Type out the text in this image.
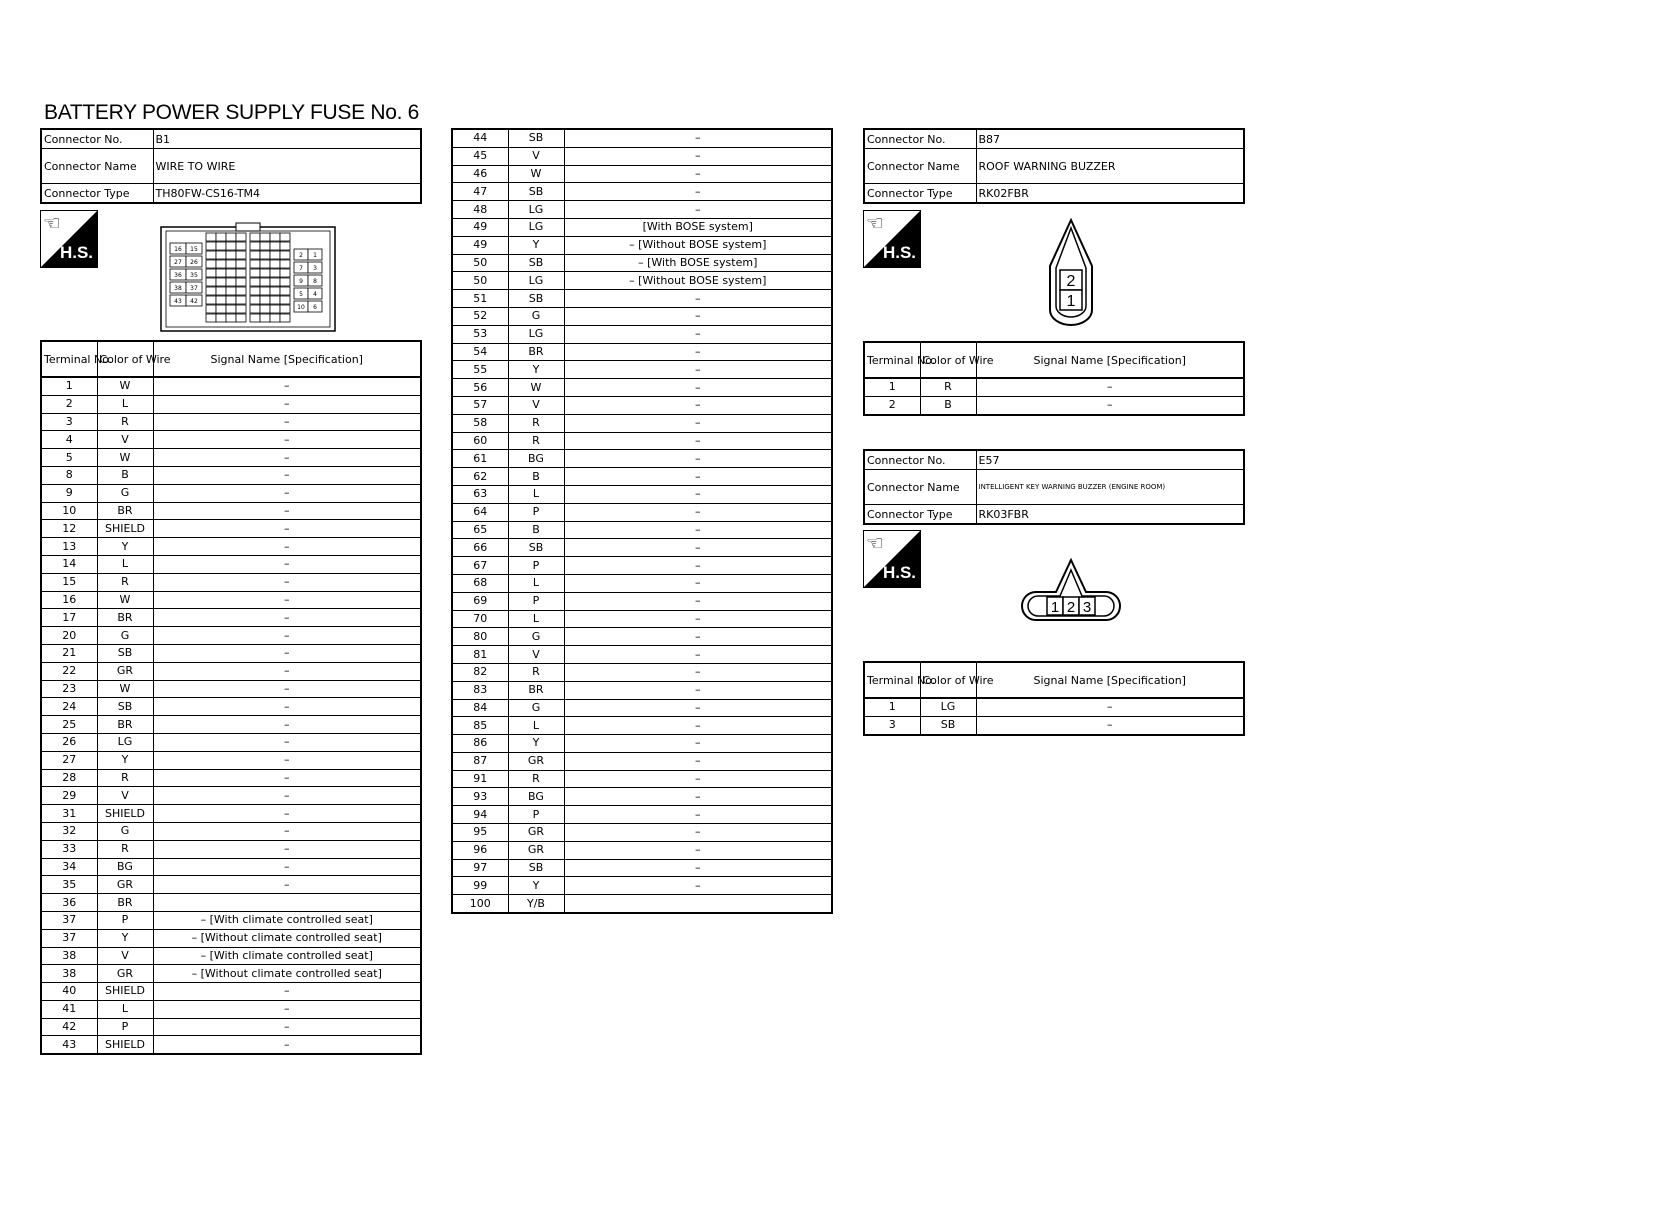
BATTERY POWER SUPPLY FUSE No. 6
Connector No.	B1
Connector Name	WIRE TO WIRE
Connector Type	TH80FW-CS16-TM4
☜
H.S.	16 15
27 26
36 35
38 37
43 42
2 1
7 3
9 8
5 4
10 6
Terminal No.	Color of Wire	Signal Name [Specification]
1	W	–
2	L	–
3	R	–
4	V	–
5	W	–
8	B	–
9	G	–
10	BR	–
12	SHIELD	–
13	Y	–
14	L	–
15	R	–
16	W	–
17	BR	–
20	G	–
21	SB	–
22	GR	–
23	W	–
24	SB	–
25	BR	–
26	LG	–
27	Y	–
28	R	–
29	V	–
31	SHIELD	–
32	G	–
33	R	–
34	BG	–
35	GR	–
36	BR	
37	P	– [With climate controlled seat]
37	Y	– [Without climate controlled seat]
38	V	– [With climate controlled seat]
38	GR	– [Without climate controlled seat]
40	SHIELD	–
41	L	–
42	P	–
43	SHIELD	–
44	SB	–
45	V	–
46	W	–
47	SB	–
48	LG	–
49	LG	[With BOSE system]
49	Y	– [Without BOSE system]
50	SB	– [With BOSE system]
50	LG	– [Without BOSE system]
51	SB	–
52	G	–
53	LG	–
54	BR	–
55	Y	–
56	W	–
57	V	–
58	R	–
60	R	–
61	BG	–
62	B	–
63	L	–
64	P	–
65	B	–
66	SB	–
67	P	–
68	L	–
69	P	–
70	L	–
80	G	–
81	V	–
82	R	–
83	BR	–
84	G	–
85	L	–
86	Y	–
87	GR	–
91	R	–
93	BG	–
94	P	–
95	GR	–
96	GR	–
97	SB	–
99	Y	–
100	Y/B	
Connector No.	B87
Connector Name	ROOF WARNING BUZZER
Connector Type	RK02FBR
☜
H.S.
2
1
Terminal No.	Color of Wire	Signal Name [Specification]
1	R	–
2	B	–
Connector No.	E57
Connector Name	INTELLIGENT KEY WARNING BUZZER (ENGINE ROOM)
Connector Type	RK03FBR
☜
H.S.
1 2 3
Terminal No.	Color of Wire	Signal Name [Specification]
1	LG	–
3	SB	–
